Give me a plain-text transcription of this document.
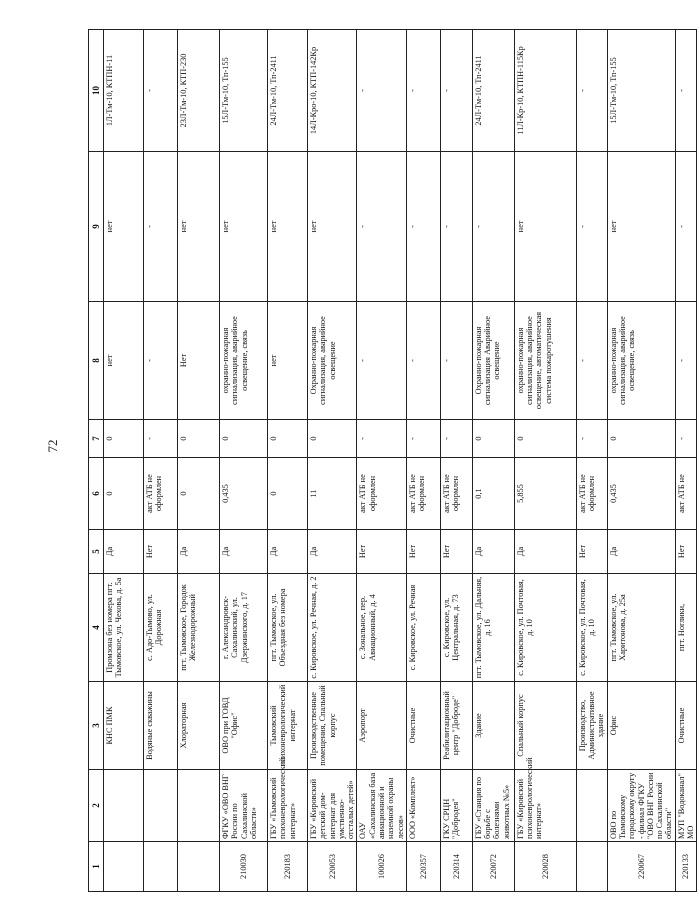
72
1	2	3	4	5	6	7	8	9	10
		КНС ПМК	Промзона без номера пгт. Тымовское, ул. Чехова, д. 5а	Да	0	0	нет	нет	1Л-Тм-10, КТПН-11
		Водяные скважины	с. Адо-Тымово, ул. Дорожная	Нет	акт АТБ не оформлен	-	-	-	-
		Хлораторная	пгт. Тымовское, Городок Железнодорожный	Да	0	0	Нет	нет	23Л-Тм-10, КТП-230
210030	ФГКУ «ОВО ВНГ России по Сахалинской области»	ОВО при ГОВД "Офис"	г. Александровск-Сахалинский, ул. Дзержинского, д. 17	Да	0,435	0	охранно-пожарная сигнализация, аварийное освещение, связь	нет	15Л-Тм-10, Тп-155
220183	ГБУ «Тымовский психоневрологический интернат»	Тымовский психоневрологический интернат	пгт. Тымовское, ул. Объездная без номера	Да	0	0	нет	нет	24Л-Тм-10, Тп-2411
220053	ГБУ «Кировский детский дом-интернат для умственно-отсталых детей»	Производственные помещения, Спальный корпус	с. Кировское, ул. Речная, д. 2	Да	11	0	Охранно-пожарная сигнализация, аварийное освещение	нет	14Л-Кро-10, КТП-142Кр
100026	ОАУ «Сахалинская база авиационной и наземной охраны лесов»	Аэропорт	с. Зональное, пер. Авиационный, д. 4	Нет	акт АТБ не оформлен	-	-	-	-
220357	ООО «Комплект»	Очистные	с. Кировское, ул. Речная	Нет	акт АТБ не оформлен	-	-	-	-
220314	ГКУ СРЦН "Добродея"	Реабилитационный центр "Доброде"	с. Кировское, ул. Центральная, д. 73	Нет	акт АТБ не оформлен	-	-	-	-
220072	ГБУ «Станция по борьбе с болезнями животных №5»	Здание	пгт. Тымовское, ул. Дальняя, д. 16	Да	0,1	0	Охранно-пожарная сигнализация Аварийное освещение	-	24Л-Тм-10, Тп-2411
220028	ГБУ «Кировский психоневрологический интернат»	Спальный корпус	с. Кировское, ул. Почтовая, д. 10	Да	5,855	0	охранно-пожарная сигнализация, аварийное освещение, автоматическая система пожаротушения	нет	11Л-Кр-10, КТПН-115Кр
		Производство, Административное здание	с. Кировское, ул. Почтовая, д. 10	Нет	акт АТБ не оформлен	-	-	-	-
220067	ОВО по Тымовскому городскому округу - филиал ФГКУ "ОВО ВНГ России по Сахалинской области"	Офис	пгт. Тымовское, ул. Харитонова, д. 25а	Да	0,435	0	охранно-пожарная сигнализация, аварийное освещение, связь	нет	15Л-Тм-10, Тп-155
220133	МУП "Водоканал" МО	Очистные	пгт. Ноглики,	Нет	акт АТБ не	-	-	-	-
